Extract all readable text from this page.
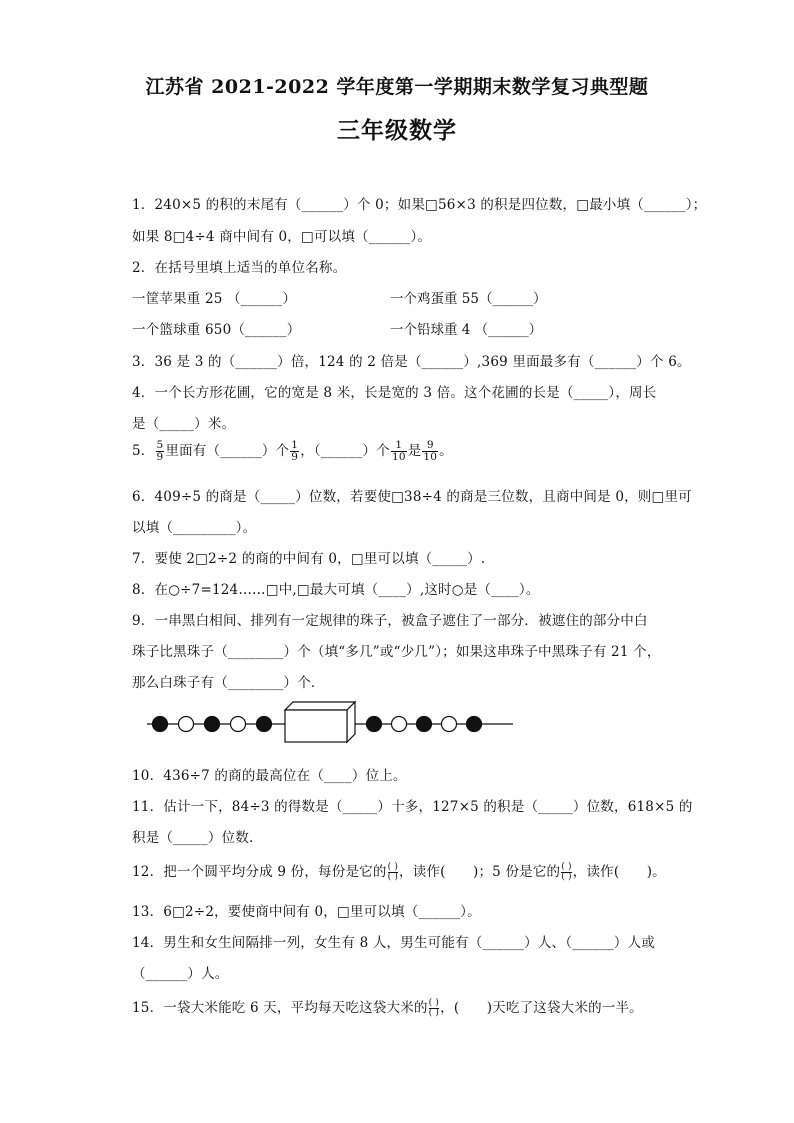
江苏省 2021-2022 学年度第一学期期末数学复习典型题
三年级数学
1．240×5 的积的末尾有（______）个 0；如果□56×3 的积是四位数，□最小填（______）；
如果 8□4÷4 商中间有 0，□可以填（______）。
2．在括号里填上适当的单位名称。
一筐苹果重 25 （______）	一个鸡蛋重 55（______）
一个篮球重 650（______）	一个铅球重 4 （______）
3．36 是 3 的（______）倍，124 的 2 倍是（______）,369 里面最多有（______）个 6。
4．一个长方形花圃，它的宽是 8 米，长是宽的 3 倍。这个花圃的长是（_____），周长
是（_____）米。
5． $\frac{5}{9}$ 里面有（______）个 $\frac{1}{9}$ ，（______）个 $\frac{1}{10}$ 是 $\frac{9}{10}$ 。
6．409÷5 的商是（_____）位数，若要使□38÷4 的商是三位数，且商中间是 0，则□里可
以填（_________）。
7．要使 2□2÷2 的商的中间有 0，□里可以填（_____）.
8．在○÷7=124……□中,□最大可填（____）,这时○是（____）。
9．一串黑白相间、排列有一定规律的珠子，被盒子遮住了一部分．被遮住的部分中白
珠子比黑珠子（________）个（填“多几”或“少几”）；如果这串珠子中黑珠子有 21 个，
那么白珠子有（________）个．
10．436÷7 的商的最高位在（____）位上。
11．估计一下，84÷3 的得数是（_____）十多，127×5 的积是（_____）位数，618×5 的
积是（_____）位数.
12．把一个圆平均分成 9 份，每份是它的 $\frac{( )}{( )}$，读作(　　)；5 份是它的 $\frac{( )}{( )}$，读作(　　)。
13．6□2÷2，要使商中间有 0，□里可以填（______）。
14．男生和女生间隔排一列，女生有 8 人，男生可能有（______）人、（______）人或
（______）人。
15．一袋大米能吃 6 天，平均每天吃这袋大米的 $\frac{( )}{( )}$，(　　)天吃了这袋大米的一半。
